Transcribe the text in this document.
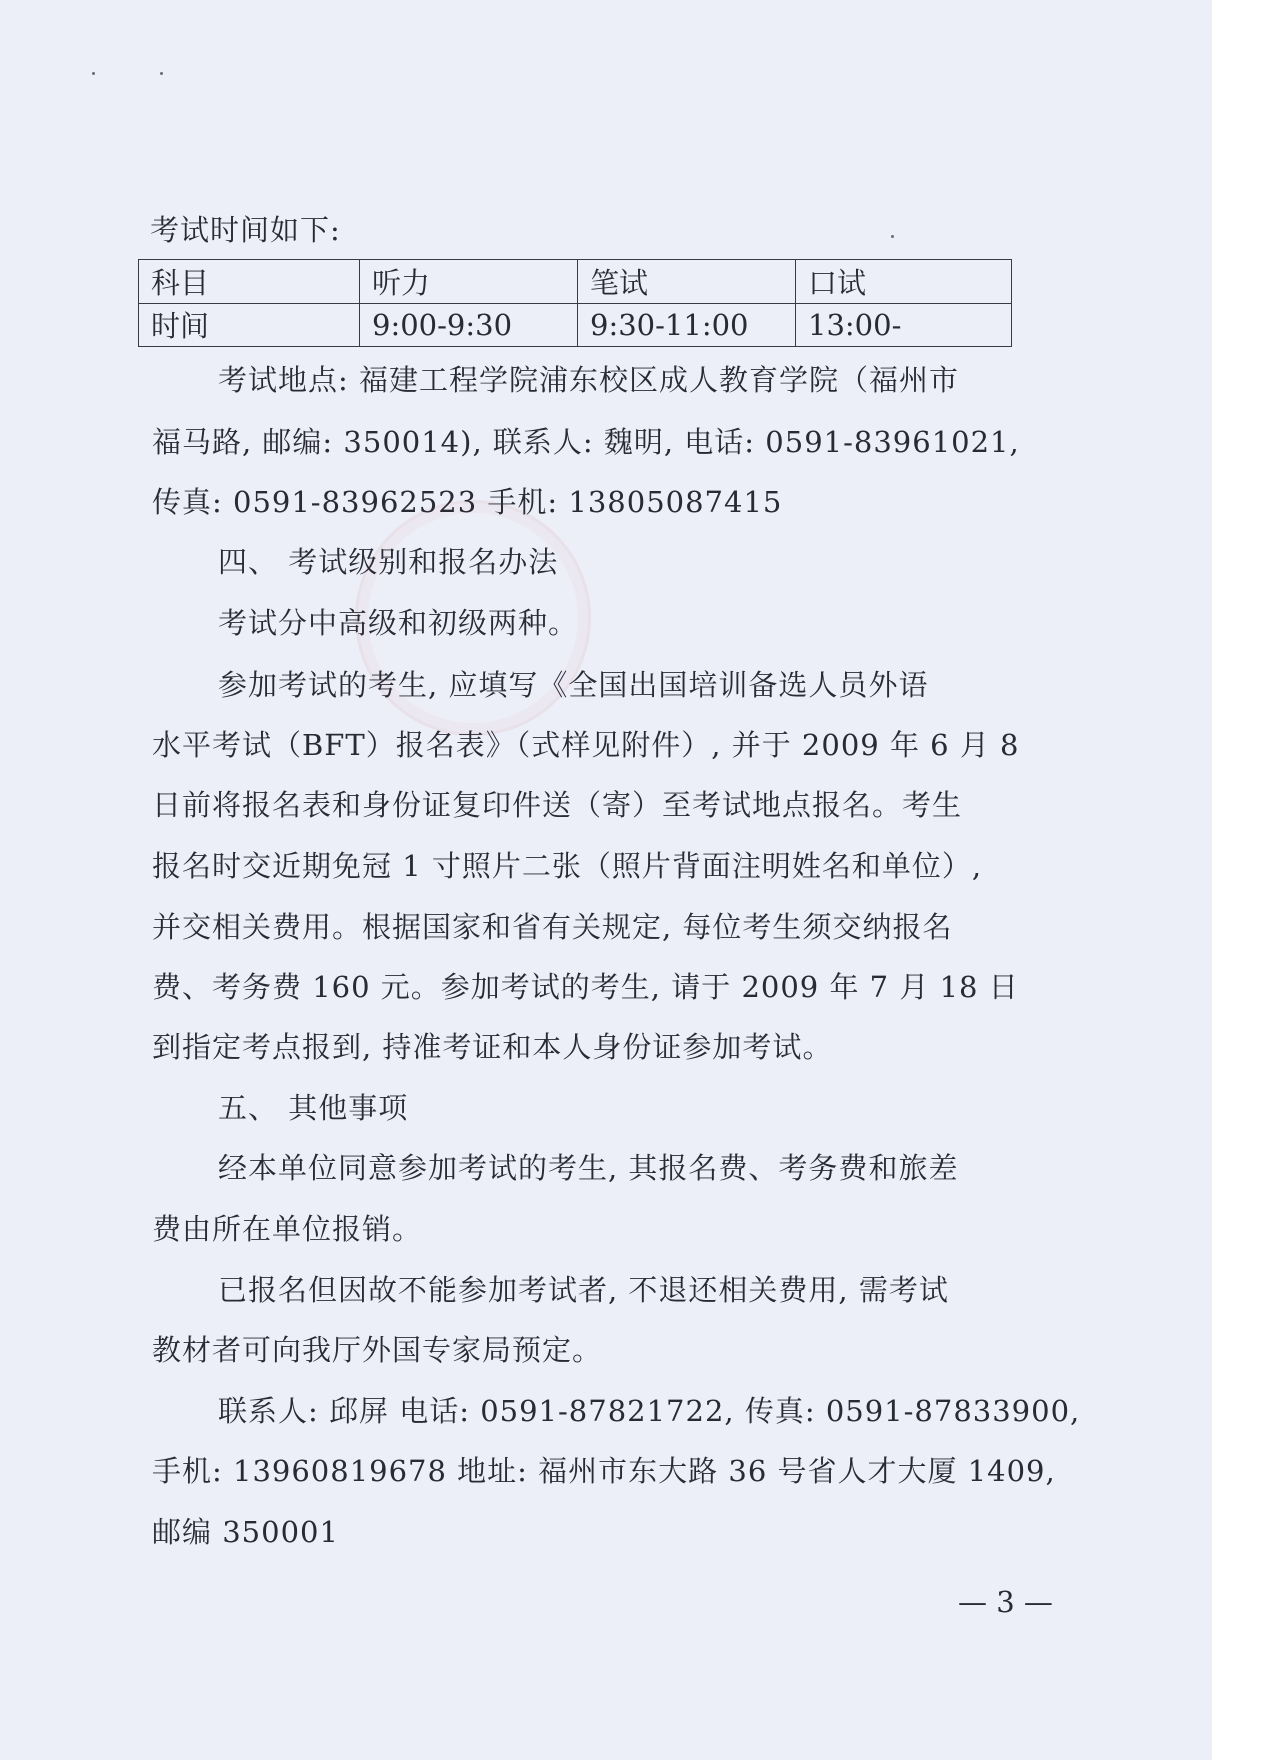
考试时间如下:
科目	听力	笔试	口试
时间	9:00-9:30	9:30-11:00	13:00-
考试地点: 福建工程学院浦东校区成人教育学院（福州市
福马路, 邮编: 350014), 联系人: 魏明, 电话: 0591-83961021,
传真: 0591-83962523 手机: 13805087415
四、 考试级别和报名办法
考试分中高级和初级两种。
参加考试的考生, 应填写《全国出国培训备选人员外语
水平考试（BFT）报名表》（式样见附件）, 并于 2009 年 6 月 8
日前将报名表和身份证复印件送（寄）至考试地点报名。考生
报名时交近期免冠 1 寸照片二张（照片背面注明姓名和单位）,
并交相关费用。根据国家和省有关规定, 每位考生须交纳报名
费、考务费 160 元。参加考试的考生, 请于 2009 年 7 月 18 日
到指定考点报到, 持准考证和本人身份证参加考试。
五、 其他事项
经本单位同意参加考试的考生, 其报名费、考务费和旅差
费由所在单位报销。
已报名但因故不能参加考试者, 不退还相关费用, 需考试
教材者可向我厅外国专家局预定。
联系人: 邱屏 电话: 0591-87821722, 传真: 0591-87833900,
手机: 13960819678 地址: 福州市东大路 36 号省人才大厦 1409,
邮编 350001
— 3 —
